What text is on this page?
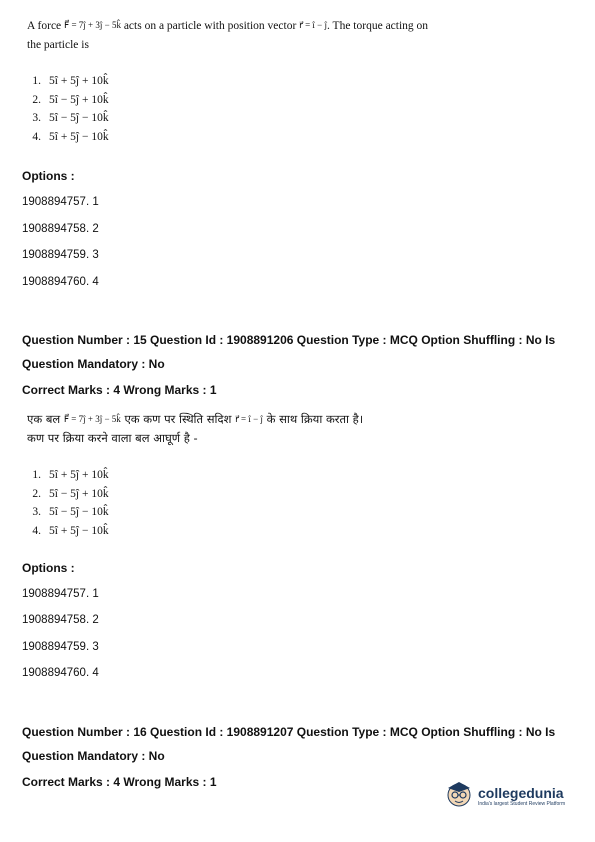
A force F⃗ = 7ĵ + 3ĵ − 5k̂ acts on a particle with position vector r⃗ = î − ĵ. The torque acting on
the particle is
1. 5î + 5ĵ + 10k̂
2. 5î − 5ĵ + 10k̂
3. 5î − 5ĵ − 10k̂
4. 5î + 5ĵ − 10k̂
Options :
1908894757. 1
1908894758. 2
1908894759. 3
1908894760. 4
Question Number : 15 Question Id : 1908891206 Question Type : MCQ Option Shuffling : No Is
Question Mandatory : No
Correct Marks : 4 Wrong Marks : 1
एक बल F⃗ = 7ĵ + 3ĵ − 5k̂ एक कण पर स्थिति सदिश r⃗ = î − ĵ के साथ क्रिया करता है।
कण पर क्रिया करने वाला बल आघूर्ण है -
1. 5î + 5ĵ + 10k̂
2. 5î − 5ĵ + 10k̂
3. 5î − 5ĵ − 10k̂
4. 5î + 5ĵ − 10k̂
Options :
1908894757. 1
1908894758. 2
1908894759. 3
1908894760. 4
Question Number : 16 Question Id : 1908891207 Question Type : MCQ Option Shuffling : No Is
Question Mandatory : No
Correct Marks : 4 Wrong Marks : 1
collegedunia
India's largest Student Review Platform
